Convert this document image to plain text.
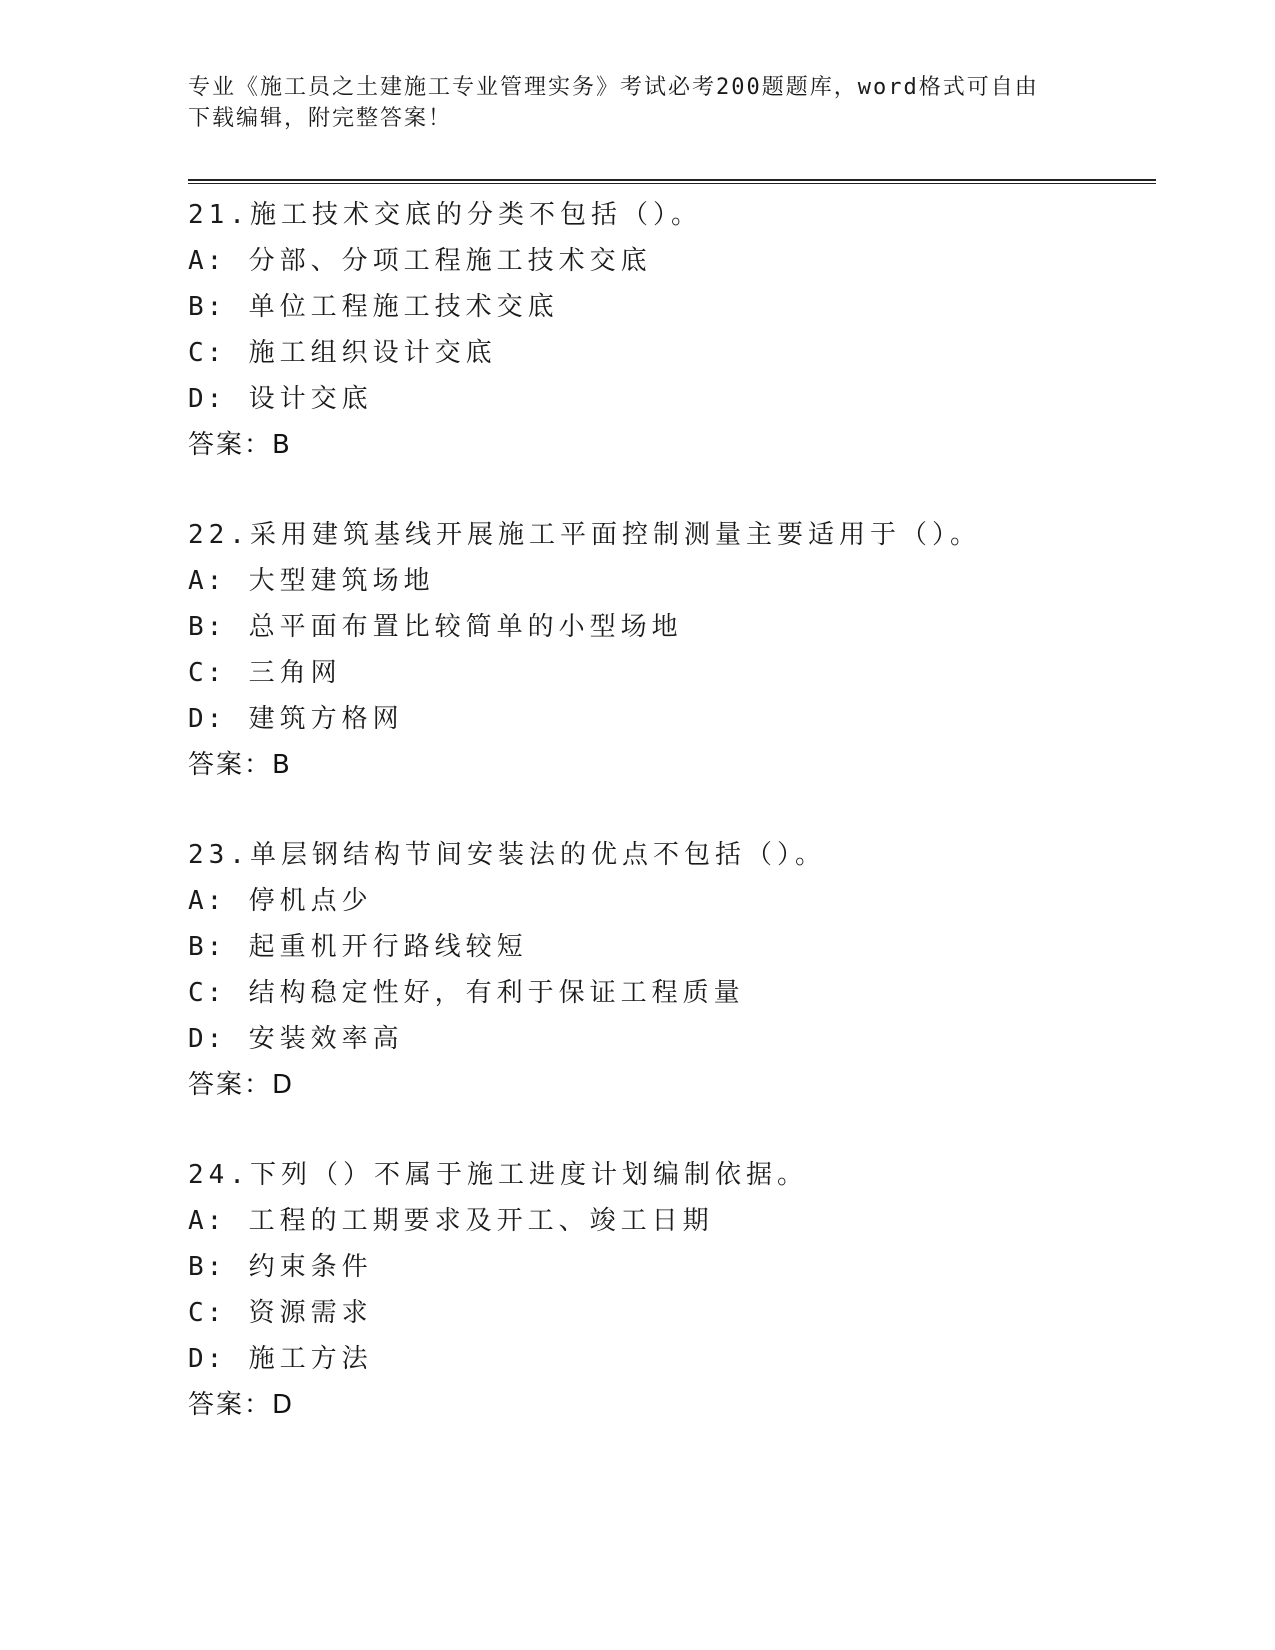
专业《施工员之土建施工专业管理实务》考试必考200题题库，word格式可自由
下载编辑，附完整答案！
21.施工技术交底的分类不包括（）。
A: 分部、分项工程施工技术交底
B: 单位工程施工技术交底
C: 施工组织设计交底
D: 设计交底
答案：B
22.采用建筑基线开展施工平面控制测量主要适用于（）。
A: 大型建筑场地
B: 总平面布置比较简单的小型场地
C: 三角网
D: 建筑方格网
答案：B
23.单层钢结构节间安装法的优点不包括（）。
A: 停机点少
B: 起重机开行路线较短
C: 结构稳定性好，有利于保证工程质量
D: 安装效率高
答案：D
24.下列（）不属于施工进度计划编制依据。
A: 工程的工期要求及开工、竣工日期
B: 约束条件
C: 资源需求
D: 施工方法
答案：D
